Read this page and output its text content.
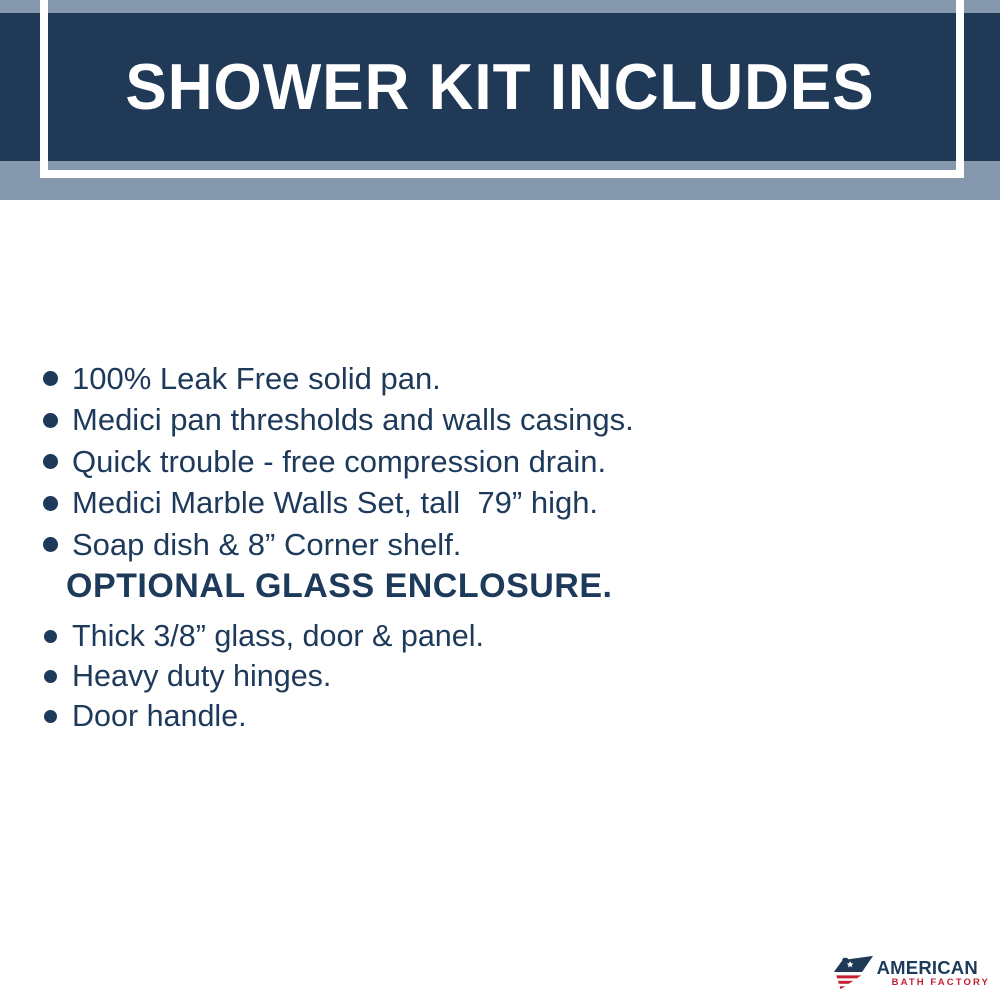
SHOWER KIT INCLUDES
100% Leak Free solid pan.
Medici pan thresholds and walls casings.
Quick trouble - free compression drain.
Medici Marble Walls Set, tall  79” high.
Soap dish & 8” Corner shelf.

OPTIONAL GLASS ENCLOSURE.

Thick 3/8” glass, door & panel.
Heavy duty hinges.
Door handle.
AMERICAN
BATH FACTORY
